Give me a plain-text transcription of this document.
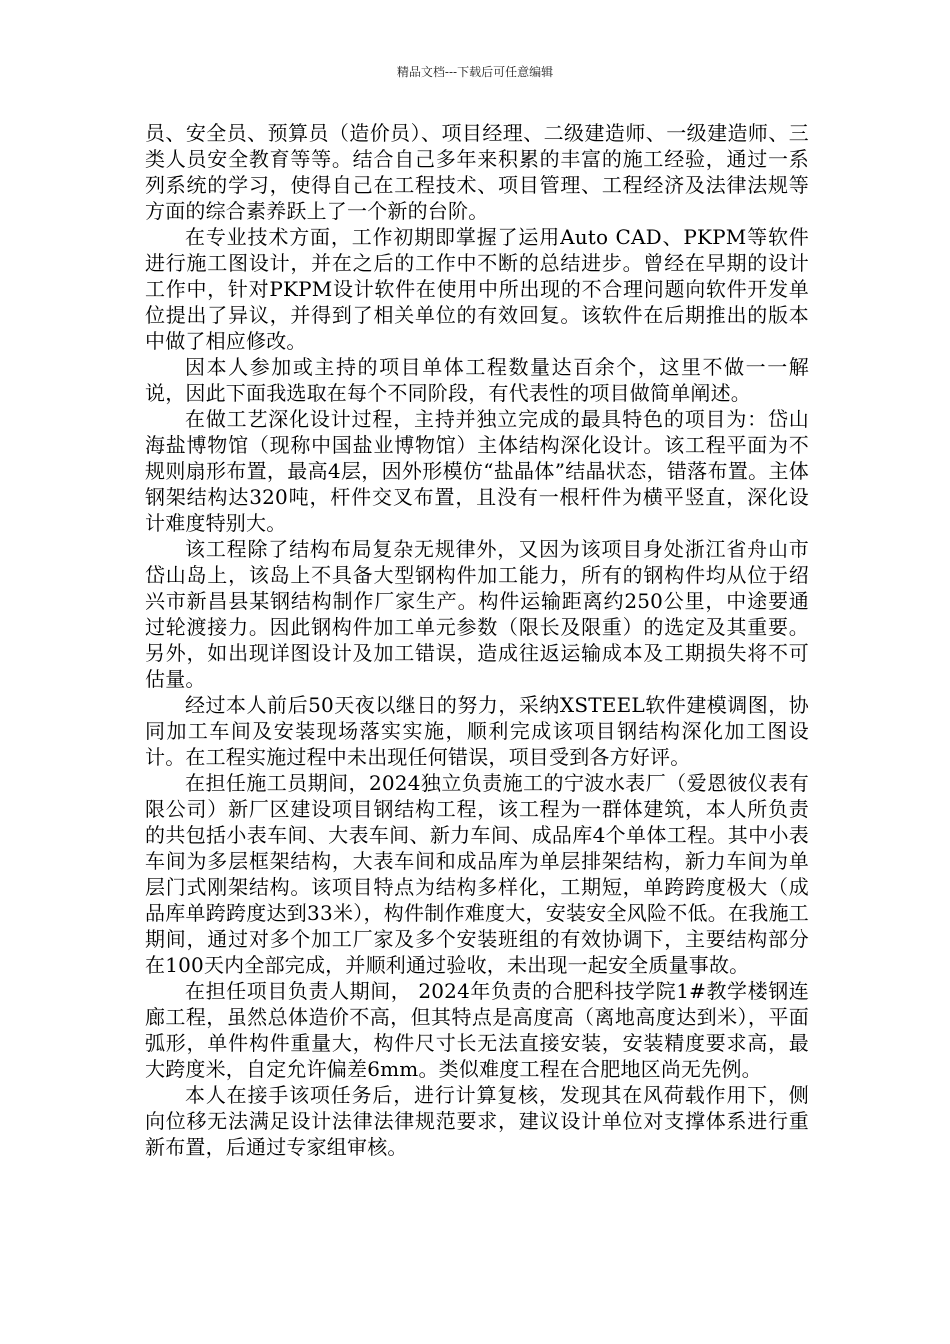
精品文档---下载后可任意编辑

员、安全员、预算员（造价员）、项目经理、二级建造师、一级建造师、三类人员安全教育等等。结合自己多年来积累的丰富的施工经验，通过一系列系统的学习，使得自己在工程技术、项目管理、工程经济及法律法规等方面的综合素养跃上了一个新的台阶。

在专业技术方面，工作初期即掌握了运用Auto CAD、PKPM等软件进行施工图设计，并在之后的工作中不断的总结进步。曾经在早期的设计工作中，针对PKPM设计软件在使用中所出现的不合理问题向软件开发单位提出了异议，并得到了相关单位的有效回复。该软件在后期推出的版本中做了相应修改。

因本人参加或主持的项目单体工程数量达百余个，这里不做一一解说，因此下面我选取在每个不同阶段，有代表性的项目做简单阐述。

在做工艺深化设计过程，主持并独立完成的最具特色的项目为：岱山海盐博物馆（现称中国盐业博物馆）主体结构深化设计。该工程平面为不规则扇形布置，最高4层，因外形模仿“盐晶体”结晶状态，错落布置。主体钢架结构达320吨，杆件交叉布置，且没有一根杆件为横平竖直，深化设计难度特别大。

该工程除了结构布局复杂无规律外，又因为该项目身处浙江省舟山市岱山岛上，该岛上不具备大型钢构件加工能力，所有的钢构件均从位于绍兴市新昌县某钢结构制作厂家生产。构件运输距离约250公里，中途要通过轮渡接力。因此钢构件加工单元参数（限长及限重）的选定及其重要。另外，如出现详图设计及加工错误，造成往返运输成本及工期损失将不可估量。

经过本人前后50天夜以继日的努力，采纳XSTEEL软件建模调图，协同加工车间及安装现场落实实施，顺利完成该项目钢结构深化加工图设计。在工程实施过程中未出现任何错误，项目受到各方好评。

在担任施工员期间，2024独立负责施工的宁波水表厂（爱恩彼仪表有限公司）新厂区建设项目钢结构工程，该工程为一群体建筑，本人所负责的共包括小表车间、大表车间、新力车间、成品库4个单体工程。其中小表车间为多层框架结构，大表车间和成品库为单层排架结构，新力车间为单层门式刚架结构。该项目特点为结构多样化，工期短，单跨跨度极大（成品库单跨跨度达到33米），构件制作难度大，安装安全风险不低。在我施工期间，通过对多个加工厂家及多个安装班组的有效协调下，主要结构部分在100天内全部完成，并顺利通过验收，未出现一起安全质量事故。

在担任项目负责人期间， 2024年负责的合肥科技学院1#教学楼钢连廊工程，虽然总体造价不高，但其特点是高度高（离地高度达到米），平面弧形，单件构件重量大，构件尺寸长无法直接安装，安装精度要求高，最大跨度米，自定允许偏差6mm。类似难度工程在合肥地区尚无先例。

本人在接手该项任务后，进行计算复核，发现其在风荷载作用下，侧向位移无法满足设计法律法律规范要求，建议设计单位对支撑体系进行重新布置，后通过专家组审核。
